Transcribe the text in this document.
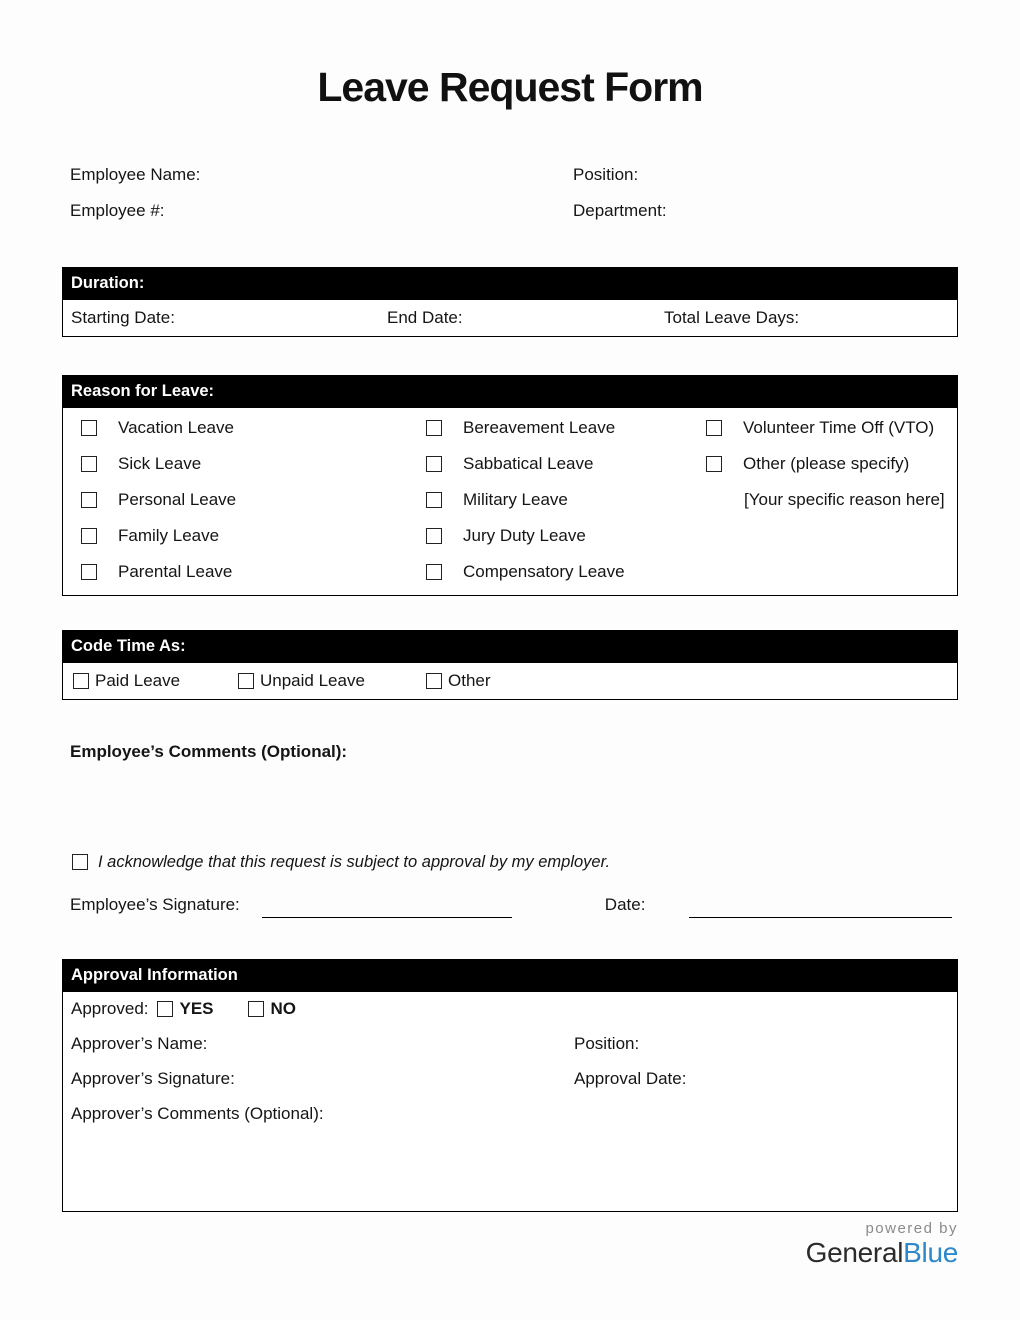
Leave Request Form
Employee Name:	Position:
Employee #:	Department:
Duration:
Starting Date:	End Date:	Total Leave Days:
Reason for Leave:
Vacation Leave	Bereavement Leave	Volunteer Time Off (VTO)
Sick Leave	Sabbatical Leave	Other (please specify)
Personal Leave	Military Leave	[Your specific reason here]
Family Leave	Jury Duty Leave
Parental Leave	Compensatory Leave
Code Time As:
Paid Leave	Unpaid Leave	Other
Employee’s Comments (Optional):
I acknowledge that this request is subject to approval by my employer.
Employee’s Signature:	Date:
Approval Information
Approved: YES	NO
Approver’s Name:	Position:
Approver’s Signature:	Approval Date:
Approver’s Comments (Optional):
powered by
GeneralBlue
